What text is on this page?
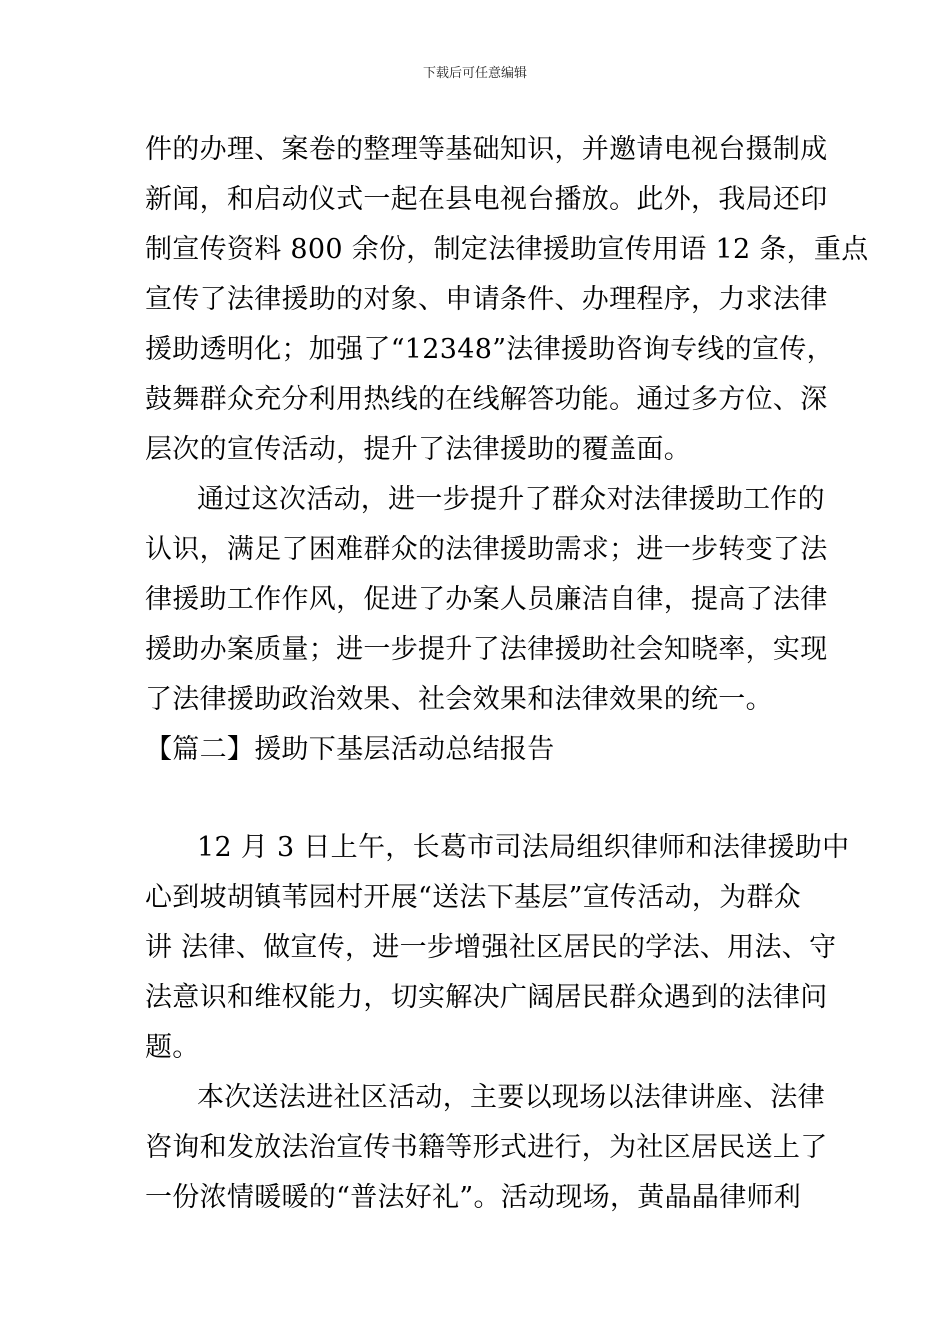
下载后可任意编辑
件的办理、案卷的整理等基础知识，并邀请电视台摄制成
新闻，和启动仪式一起在县电视台播放。此外，我局还印
制宣传资料 800 余份，制定法律援助宣传用语 12 条，重点
宣传了法律援助的对象、申请条件、办理程序，力求法律
援助透明化；加强了“12348”法律援助咨询专线的宣传，
鼓舞群众充分利用热线的在线解答功能。通过多方位、深
层次的宣传活动，提升了法律援助的覆盖面。
通过这次活动，进一步提升了群众对法律援助工作的
认识，满足了困难群众的法律援助需求；进一步转变了法
律援助工作作风，促进了办案人员廉洁自律，提高了法律
援助办案质量；进一步提升了法律援助社会知晓率，实现
了法律援助政治效果、社会效果和法律效果的统一。
【篇二】援助下基层活动总结报告
12 月 3 日上午，长葛市司法局组织律师和法律援助中
心到坡胡镇苇园村开展“送法下基层”宣传活动，为群众
讲 法律、做宣传，进一步增强社区居民的学法、用法、守
法意识和维权能力，切实解决广阔居民群众遇到的法律问
题。
本次送法进社区活动，主要以现场以法律讲座、法律
咨询和发放法治宣传书籍等形式进行，为社区居民送上了
一份浓情暖暖的“普法好礼”。活动现场，黄晶晶律师利
